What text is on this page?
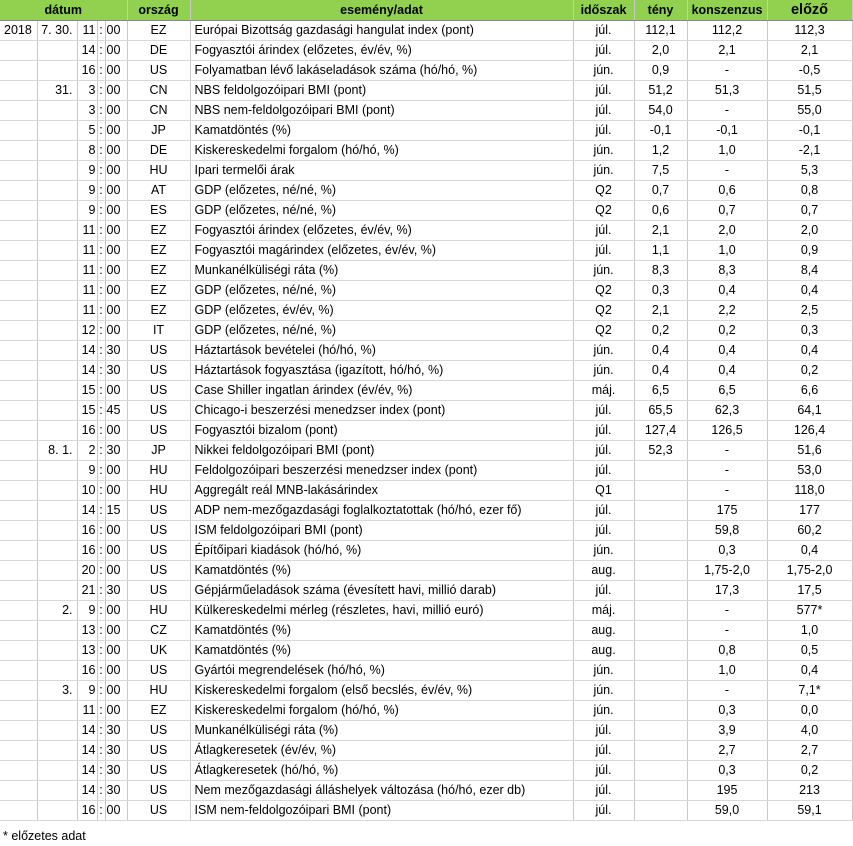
dátum					ország	esemény/adat	időszak	tény	konszenzus	előző
2018	7. 30.	11	:	00	EZ	Európai Bizottság gazdasági hangulat index (pont)	júl.	112,1	112,2	112,3
		14	:	00	DE	Fogyasztói árindex (előzetes, év/év, %)	júl.	2,0	2,1	2,1
		16	:	00	US	Folyamatban lévő lakáseladások száma (hó/hó, %)	jún.	0,9	-	-0,5
	31.	3	:	00	CN	NBS feldolgozóipari BMI (pont)	júl.	51,2	51,3	51,5
		3	:	00	CN	NBS nem-feldolgozóipari BMI (pont)	júl.	54,0	-	55,0
		5	:	00	JP	Kamatdöntés (%)	júl.	-0,1	-0,1	-0,1
		8	:	00	DE	Kiskereskedelmi forgalom (hó/hó, %)	jún.	1,2	1,0	-2,1
		9	:	00	HU	Ipari termelői árak	jún.	7,5	-	5,3
		9	:	00	AT	GDP (előzetes, né/né, %)	Q2	0,7	0,6	0,8
		9	:	00	ES	GDP (előzetes, né/né, %)	Q2	0,6	0,7	0,7
		11	:	00	EZ	Fogyasztói árindex (előzetes, év/év, %)	júl.	2,1	2,0	2,0
		11	:	00	EZ	Fogyasztói magárindex (előzetes, év/év, %)	júl.	1,1	1,0	0,9
		11	:	00	EZ	Munkanélküliségi ráta (%)	jún.	8,3	8,3	8,4
		11	:	00	EZ	GDP (előzetes, né/né, %)	Q2	0,3	0,4	0,4
		11	:	00	EZ	GDP (előzetes, év/év, %)	Q2	2,1	2,2	2,5
		12	:	00	IT	GDP (előzetes, né/né, %)	Q2	0,2	0,2	0,3
		14	:	30	US	Háztartások bevételei (hó/hó, %)	jún.	0,4	0,4	0,4
		14	:	30	US	Háztartások fogyasztása (igazított, hó/hó, %)	jún.	0,4	0,4	0,2
		15	:	00	US	Case Shiller ingatlan árindex (év/év, %)	máj.	6,5	6,5	6,6
		15	:	45	US	Chicago-i beszerzési menedzser index (pont)	júl.	65,5	62,3	64,1
		16	:	00	US	Fogyasztói bizalom (pont)	júl.	127,4	126,5	126,4
	8. 1.	2	:	30	JP	Nikkei feldolgozóipari BMI (pont)	júl.	52,3	-	51,6
		9	:	00	HU	Feldolgozóipari beszerzési menedzser index (pont)	júl.		-	53,0
		10	:	00	HU	Aggregált reál MNB-lakásárindex	Q1		-	118,0
		14	:	15	US	ADP nem-mezőgazdasági foglalkoztatottak (hó/hó, ezer fő)	júl.		175	177
		16	:	00	US	ISM feldolgozóipari BMI (pont)	júl.		59,8	60,2
		16	:	00	US	Építőipari kiadások (hó/hó, %)	jún.		0,3	0,4
		20	:	00	US	Kamatdöntés (%)	aug.		1,75-2,0	1,75-2,0
		21	:	30	US	Gépjárműeladások száma (évesített havi, millió darab)	júl.		17,3	17,5
	2.	9	:	00	HU	Külkereskedelmi mérleg (részletes, havi, millió euró)	máj.		-	577*
		13	:	00	CZ	Kamatdöntés (%)	aug.		-	1,0
		13	:	00	UK	Kamatdöntés (%)	aug.		0,8	0,5
		16	:	00	US	Gyártói megrendelések (hó/hó, %)	jún.		1,0	0,4
	3.	9	:	00	HU	Kiskereskedelmi forgalom (első becslés, év/év, %)	jún.		-	7,1*
		11	:	00	EZ	Kiskereskedelmi forgalom (hó/hó, %)	jún.		0,3	0,0
		14	:	30	US	Munkanélküliségi ráta (%)	júl.		3,9	4,0
		14	:	30	US	Átlagkeresetek (év/év, %)	júl.		2,7	2,7
		14	:	30	US	Átlagkeresetek (hó/hó, %)	júl.		0,3	0,2
		14	:	30	US	Nem mezőgazdasági álláshelyek változása (hó/hó, ezer db)	júl.		195	213
		16	:	00	US	ISM nem-feldolgozóipari BMI (pont)	júl.		59,0	59,1
* előzetes adat
